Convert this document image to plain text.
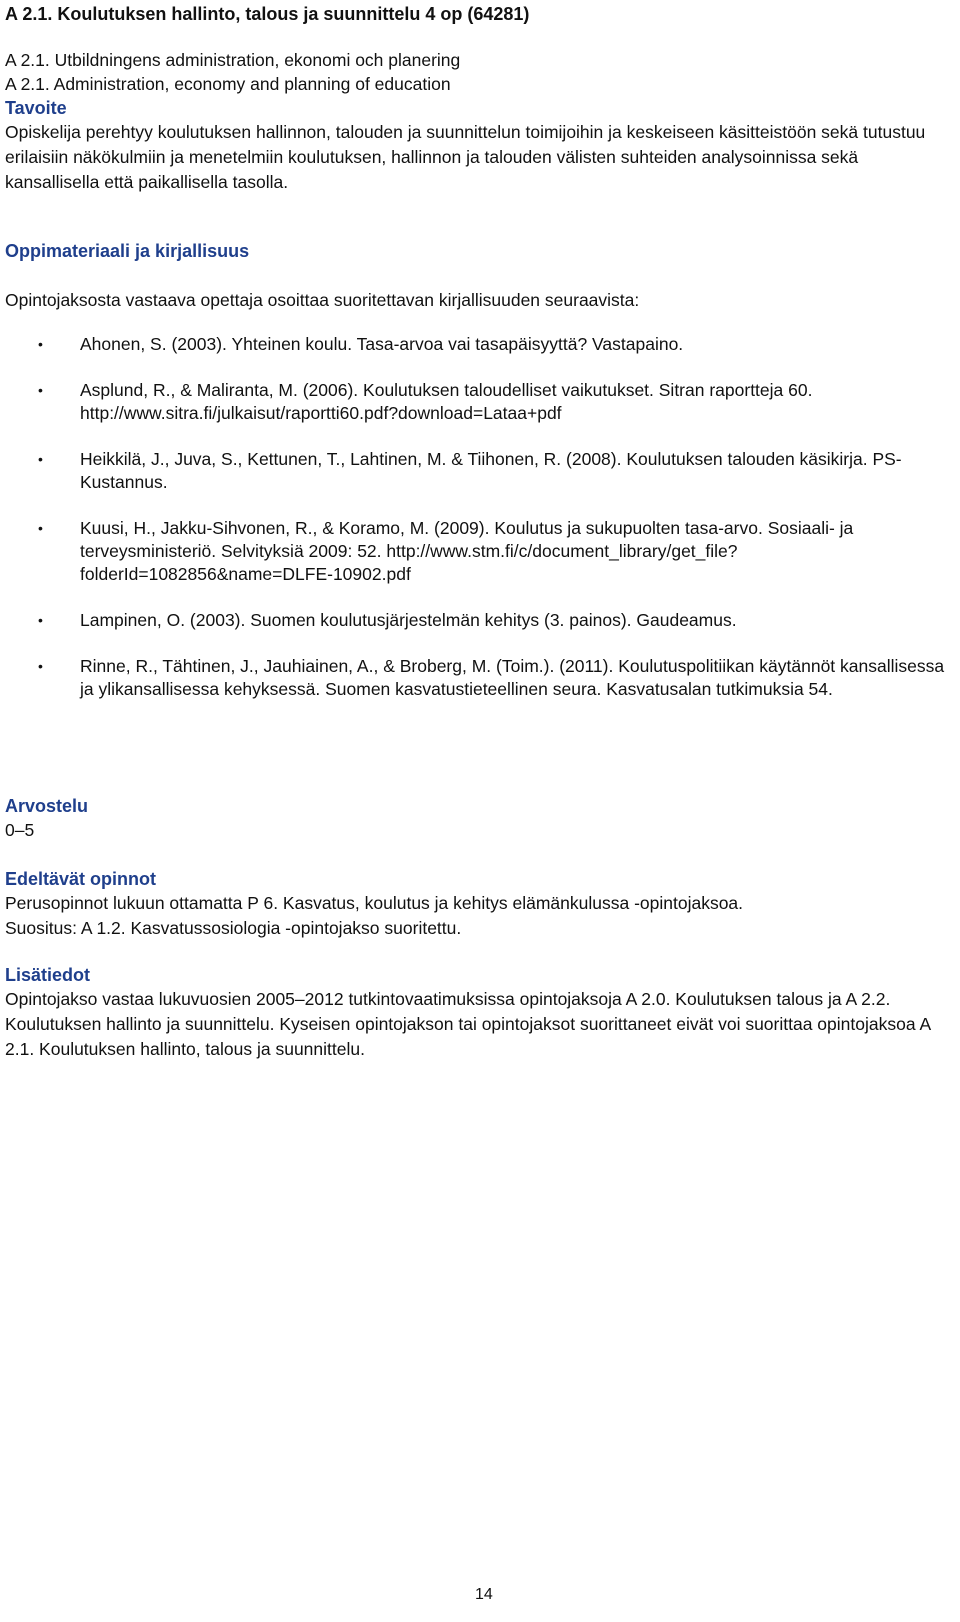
A 2.1. Koulutuksen hallinto, talous ja suunnittelu 4 op (64281)
A 2.1. Utbildningens administration, ekonomi och planering
A 2.1. Administration, economy and planning of education
Tavoite

Opiskelija perehtyy koulutuksen hallinnon, talouden ja suunnittelun toimijoihin ja keskeiseen käsitteistöön sekä tutustuu erilaisiin näkökulmiin ja menetelmiin koulutuksen, hallinnon ja talouden välisten suhteiden analysoinnissa sekä kansallisella että paikallisella tasolla.

Oppimateriaali ja kirjallisuus

Opintojaksosta vastaava opettaja osoittaa suoritettavan kirjallisuuden seuraavista:

• Ahonen, S. (2003). Yhteinen koulu. Tasa-arvoa vai tasapäisyyttä? Vastapaino.
• Asplund, R., & Maliranta, M. (2006). Koulutuksen taloudelliset vaikutukset. Sitran raportteja 60. http://www.sitra.fi/julkaisut/raportti60.pdf?download=Lataa+pdf
• Heikkilä, J., Juva, S., Kettunen, T., Lahtinen, M. & Tiihonen, R. (2008). Koulutuksen talouden käsikirja. PS-Kustannus.
• Kuusi, H., Jakku-Sihvonen, R., & Koramo, M. (2009). Koulutus ja sukupuolten tasa-arvo. Sosiaali- ja terveysministeriö. Selvityksiä 2009: 52. http://www.stm.fi/c/document_library/get_file?folderId=1082856&name=DLFE-10902.pdf
• Lampinen, O. (2003). Suomen koulutusjärjestelmän kehitys (3. painos). Gaudeamus.
• Rinne, R., Tähtinen, J., Jauhiainen, A., & Broberg, M. (Toim.). (2011). Koulutuspolitiikan käytännöt kansallisessa ja ylikansallisessa kehyksessä. Suomen kasvatustieteellinen seura. Kasvatusalan tutkimuksia 54.
Arvostelu

0–5

Edeltävät opinnot

Perusopinnot lukuun ottamatta P 6. Kasvatus, koulutus ja kehitys elämänkulussa -opintojaksoa.

Suositus: A 1.2. Kasvatussosiologia -opintojakso suoritettu.

Lisätiedot

Opintojakso vastaa lukuvuosien 2005–2012 tutkintovaatimuksissa opintojaksoja A 2.0. Koulutuksen talous ja A 2.2. Koulutuksen hallinto ja suunnittelu. Kyseisen opintojakson tai opintojaksot suorittaneet eivät voi suorittaa opintojaksoa A 2.1. Koulutuksen hallinto, talous ja suunnittelu.

14
